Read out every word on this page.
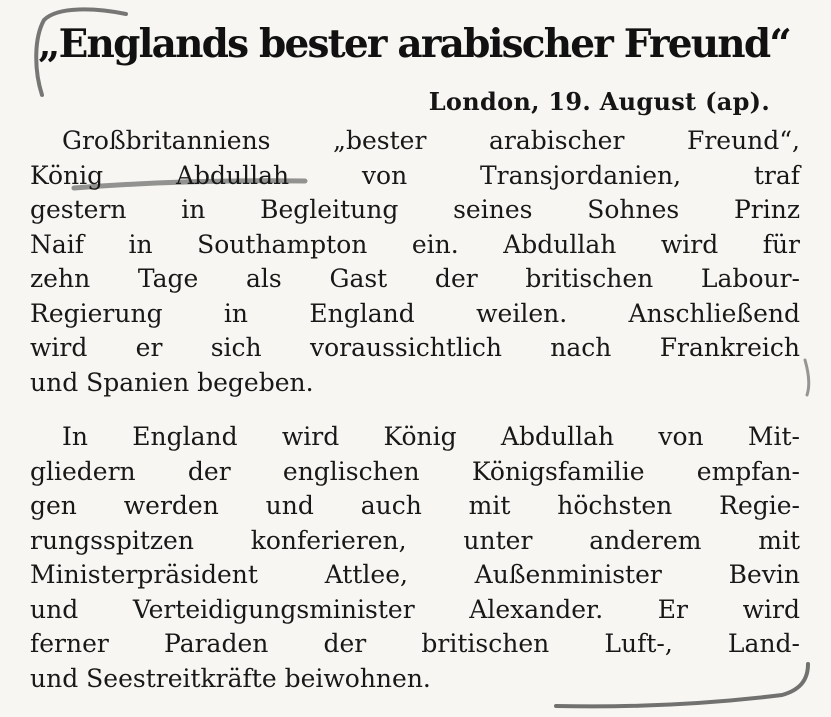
„Englands bester arabischer Freund“
London, 19. August (ap).
Großbritanniens „bester arabischer Freund“,
König Abdullah von Transjordanien, traf
gestern in Begleitung seines Sohnes Prinz
Naif in Southampton ein. Abdullah wird für
zehn Tage als Gast der britischen Labour-
Regierung in England weilen. Anschließend
wird er sich voraussichtlich nach Frankreich
und Spanien begeben.
In England wird König Abdullah von Mit-
gliedern der englischen Königsfamilie empfan-
gen werden und auch mit höchsten Regie-
rungsspitzen konferieren, unter anderem mit
Ministerpräsident Attlee, Außenminister Bevin
und Verteidigungsminister Alexander. Er wird
ferner Paraden der britischen Luft-, Land-
und Seestreitkräfte beiwohnen.
